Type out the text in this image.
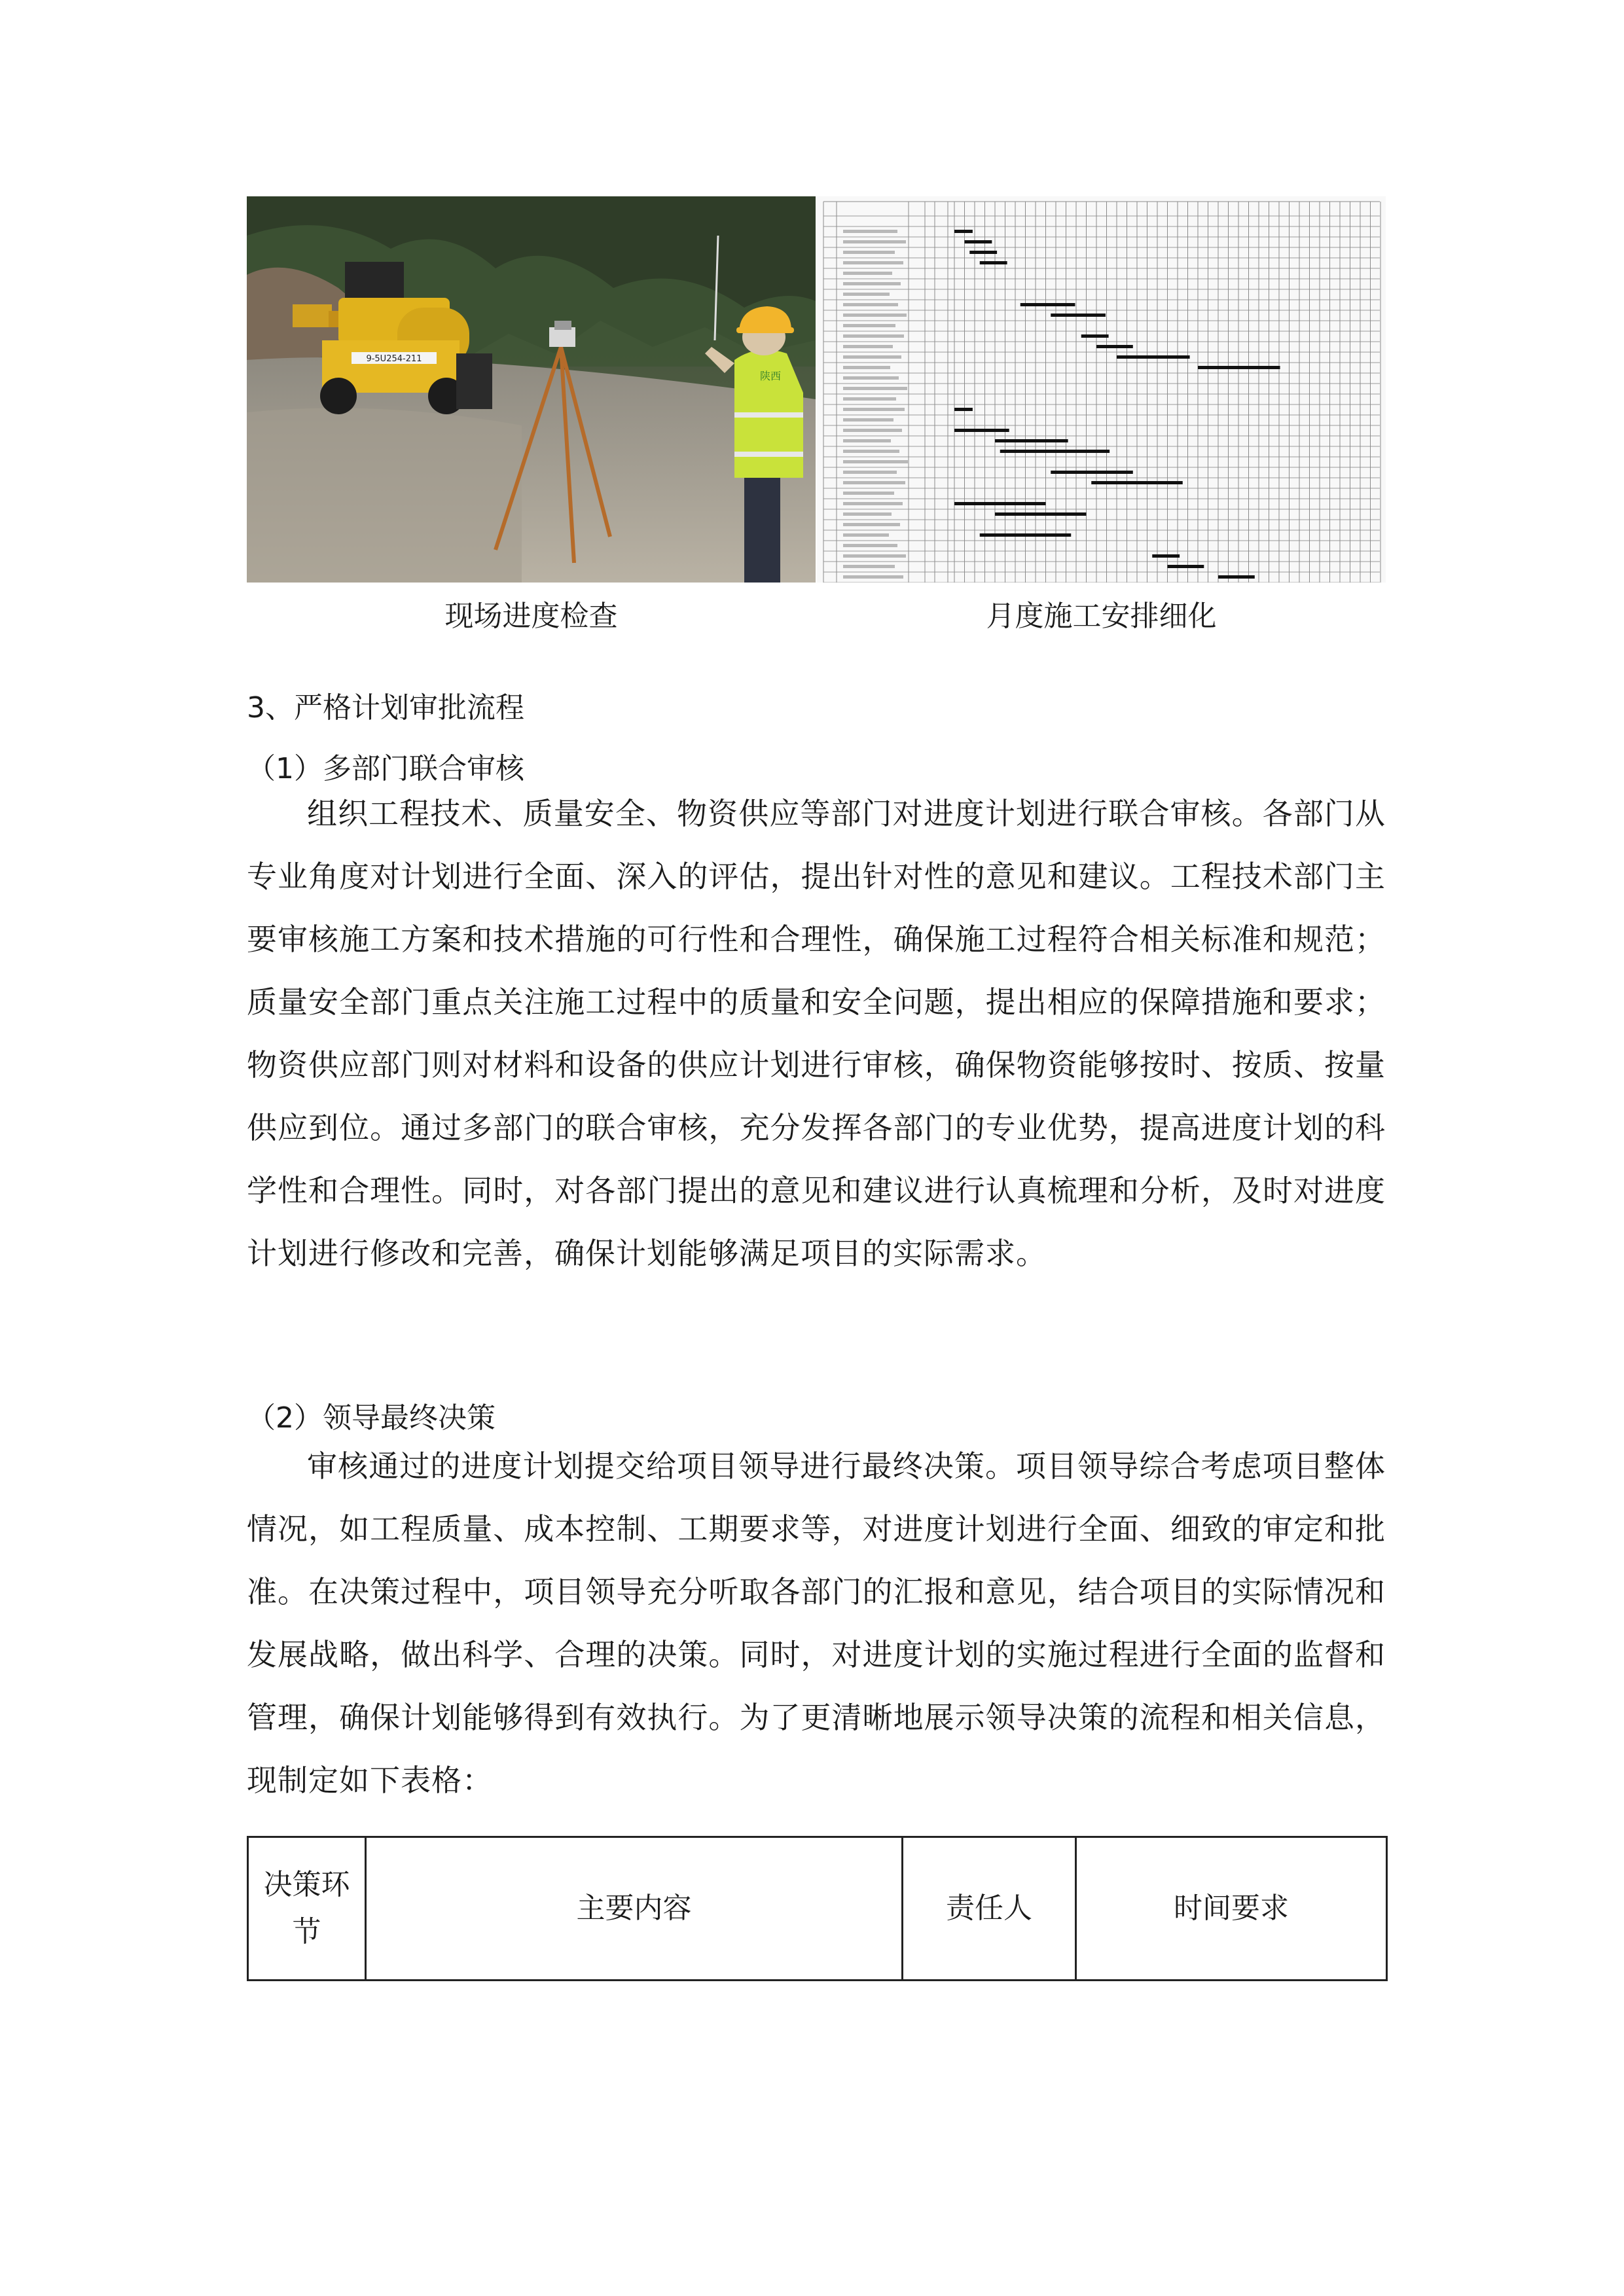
9-5U254-211
陕西
现场进度检查	月度施工安排细化
3、严格计划审批流程
（1）多部门联合审核
组织工程技术、质量安全、物资供应等部门对进度计划进行联合审核。各部门从专业角度对计划进行全面、深入的评估，提出针对性的意见和建议。工程技术部门主要审核施工方案和技术措施的可行性和合理性，确保施工过程符合相关标准和规范；质量安全部门重点关注施工过程中的质量和安全问题，提出相应的保障措施和要求；物资供应部门则对材料和设备的供应计划进行审核，确保物资能够按时、按质、按量供应到位。通过多部门的联合审核，充分发挥各部门的专业优势，提高进度计划的科学性和合理性。同时，对各部门提出的意见和建议进行认真梳理和分析，及时对进度计划进行修改和完善，确保计划能够满足项目的实际需求。
（2）领导最终决策
审核通过的进度计划提交给项目领导进行最终决策。项目领导综合考虑项目整体情况，如工程质量、成本控制、工期要求等，对进度计划进行全面、细致的审定和批准。在决策过程中，项目领导充分听取各部门的汇报和意见，结合项目的实际情况和发展战略，做出科学、合理的决策。同时，对进度计划的实施过程进行全面的监督和管理，确保计划能够得到有效执行。为了更清晰地展示领导决策的流程和相关信息，现制定如下表格：
决策环节	主要内容	责任人	时间要求
